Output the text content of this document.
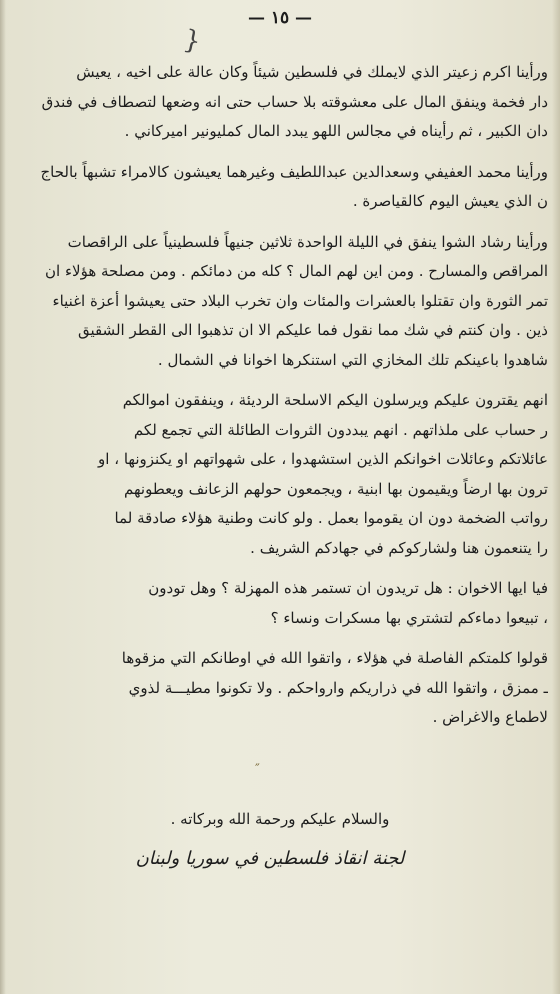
— ١٥ —
}
ورأينا اكرم زعيتر الذي لايملك في فلسطين شيئاً وكان عالة على اخيه ، يعيش
دار فخمة وينفق المال على معشوقته بلا حساب حتى انه وضعها لتصطاف في فندق
دان الكبير ، ثم رأيناه في مجالس اللهو يبدد المال كمليونير اميركاني .
ورأينا محمد العفيفي وسعدالدين عبداللطيف وغيرهما يعيشون كالامراء تشبهاً بالحاج
ن الذي يعيش اليوم كالقياصرة .
ورأينا رشاد الشوا ينفق في الليلة الواحدة ثلاثين جنيهاً فلسطينياً على الراقصات
المراقص والمسارح . ومن اين لهم المال ؟ كله من دمائكم . ومن مصلحة هؤلاء ان
تمر الثورة وان تقتلوا بالعشرات والمئات وان تخرب البلاد حتى يعيشوا أعزة اغنياء
ذين . وان كنتم في شك مما نقول فما عليكم الا ان تذهبوا الى القطر الشقيق
شاهدوا باعينكم تلك المخازي التي استنكرها اخوانا في الشمال .
انهم يقترون عليكم ويرسلون اليكم الاسلحة الرديئة ، وينفقون اموالكم
ر حساب على ملذاتهم . انهم يبددون الثروات الطائلة التي تجمع لكم
عائلاتكم وعائلات اخوانكم الذين استشهدوا ، على شهواتهم او يكنزونها ، او
ترون بها ارضاً ويقيمون بها ابنية ، ويجمعون حولهم الزعانف ويعطونهم
رواتب الضخمة دون ان يقوموا بعمل . ولو كانت وطنية هؤلاء صادقة لما
را يتنعمون هنا ولشاركوكم في جهادكم الشريف .
فيا ايها الاخوان : هل تريدون ان تستمر هذه المهزلة ؟ وهل تودون
، تبيعوا دماءكم لتشتري بها مسكرات ونساء ؟
قولوا كلمتكم الفاصلة في هؤلاء ، واتقوا الله في اوطانكم التي مزقوها
ـ ممزق ، واتقوا الله في ذراريكم وارواحكم . ولا تكونوا مطيـــة لذوي
لاطماع والاغراض .
″
والسلام عليكم ورحمة الله وبركاته .
لجنة انقاذ فلسطين في سوريا ولبنان
